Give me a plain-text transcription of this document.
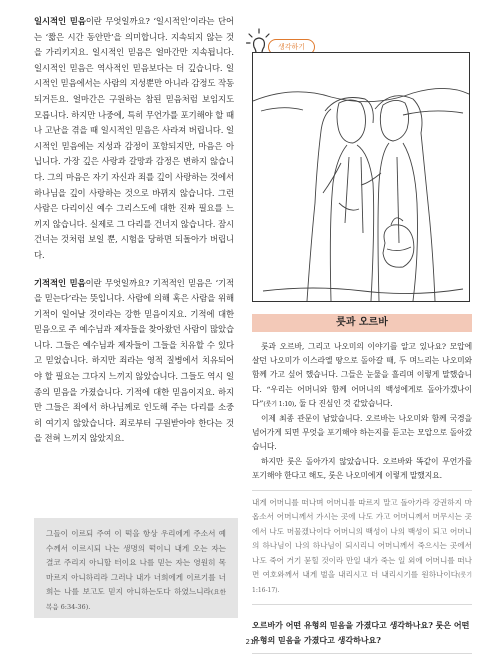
일시적인 믿음이란 무엇일까요? ‘일시적인’이라는 단어는 ‘짧은 시간 동안만’을 의미합니다. 지속되지 않는 것을 가리키지요. 일시적인 믿음은 얼마간만 지속됩니다. 일시적인 믿음은 역사적인 믿음보다는 더 깊습니다. 일시적인 믿음에서는 사람의 지성뿐만 아니라 감정도 작동되거든요. 얼마간은 구원하는 참된 믿음처럼 보임지도 모릅니다. 하지만 나중에, 특히 무언가를 포기해야 할 때나 고난을 겪을 때 일시적인 믿음은 사라져 버립니다. 일시적인 믿음에는 지성과 감정이 포함되지만, 마음은 아닙니다. 가장 깊은 사랑과 갈망과 감정은 변하지 않습니다. 그의 마음은 자기 자신과 죄를 깊이 사랑하는 것에서 하나님을 깊이 사랑하는 것으로 바뀌지 않습니다. 그런 사람은 다리이신 예수 그리스도에 대한 진짜 필요를 느끼지 않습니다. 실제로 그 다리를 건너지 않습니다. 잠시 건너는 것처럼 보일 뿐, 시험을 당하면 되돌아가 버립니다.

기적적인 믿음이란 무엇일까요? 기적적인 믿음은 ‘기적을 믿는다’라는 뜻입니다. 사람에 의해 혹은 사람을 위해 기적이 일어날 것이라는 강한 믿음이지요. 기적에 대한 믿음으로 주 예수님과 제자들을 찾아왔던 사람이 많았습니다. 그들은 예수님과 제자들이 그들을 치유할 수 있다고 믿었습니다. 하지만 죄라는 영적 질병에서 치유되어야 할 필요는 그다지 느끼지 않았습니다. 그들도 역시 일종의 믿음을 가졌습니다. 기적에 대한 믿음이지요. 하지만 그들은 죄에서 하나님께로 인도해 주는 다리를 소중히 여기지 않았습니다. 죄로부터 구원받아야 한다는 것을 전혀 느끼지 않았지요.

그들이 이르되 주여 이 떡을 항상 우리에게 주소서 예수께서 이르시되 나는 생명의 떡이니 내게 오는 자는 결코 주리지 아니할 터이요 나를 믿는 자는 영원히 목마르지 아니하리라 그러나 내가 너희에게 이르기를 너희는 나를 보고도 믿지 아니하는도다 하였느니라(요한복음 6:34-36).

생각하기
룻과 오르바

룻과 오르바, 그리고 나오미의 이야기를 알고 있나요? 모압에 살던 나오미가 이스라엘 땅으로 돌아갈 때, 두 며느리는 나오미와 함께 가고 싶어 했습니다. 그들은 눈물을 흘리며 이렇게 말했습니다. “우리는 어머니와 함께 어머니의 백성에게로 돌아가겠나이다”(룻기 1:10), 둘 다 진심인 것 같았습니다.

이제 최종 관문이 남았습니다. 오르바는 나오미와 함께 국경을 넘어가게 되면 무엇을 포기해야 하는지를 듣고는 모압으로 돌아갔습니다.

하지만 룻은 돌아가지 않았습니다. 오르바와 똑같이 무언가를 포기해야 한다고 해도, 룻은 나오미에게 이렇게 말했지요.

내게 어머니를 떠나며 어머니를 따르지 말고 돌아가라 강권하지 마옵소서 어머니께서 가시는 곳에 나도 가고 어머니께서 머무시는 곳에서 나도 머물겠나이다 어머니의 백성이 나의 백성이 되고 어머니의 하나님이 나의 하나님이 되시리니 어머니께서 죽으시는 곳에서 나도 죽어 거기 묻힐 것이라 만일 내가 죽는 일 외에 어머니를 떠나면 여호와께서 내게 벌을 내리시고 더 내리시기를 원하나이다(룻기 1:16-17).

오르바가 어떤 유형의 믿음을 가졌다고 생각하나요? 룻은 어떤 유형의 믿음을 가졌다고 생각하나요?

21
